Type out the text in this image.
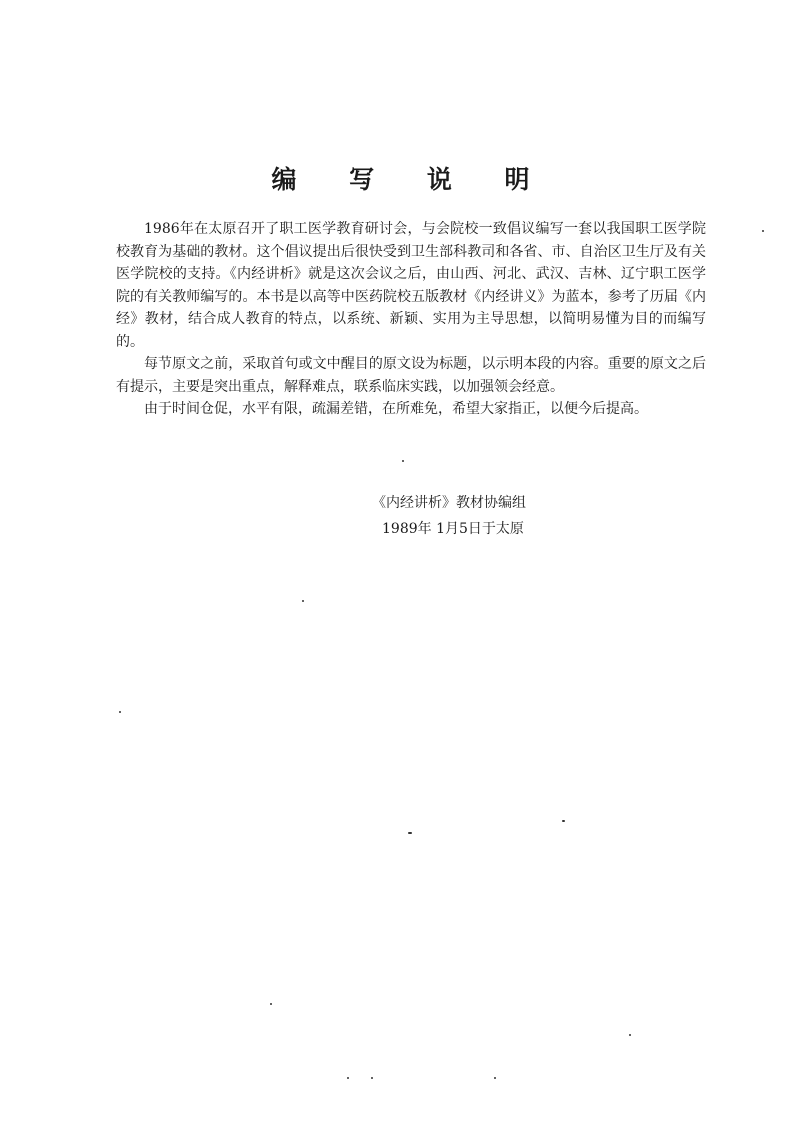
编 写 说 明

1986年在太原召开了职工医学教育研讨会，与会院校一致倡议编写一套以我国职工医学院校教育为基础的教材。这个倡议提出后很快受到卫生部科教司和各省、市、自治区卫生厅及有关医学院校的支持。《内经讲析》就是这次会议之后，由山西、河北、武汉、吉林、辽宁职工医学院的有关教师编写的。本书是以高等中医药院校五版教材《内经讲义》为蓝本，参考了历届《内经》教材，结合成人教育的特点，以系统、新颖、实用为主导思想，以简明易懂为目的而编写的。

每节原文之前，采取首句或文中醒目的原文设为标题，以示明本段的内容。重要的原文之后有提示，主要是突出重点，解释难点，联系临床实践，以加强领会经意。

由于时间仓促，水平有限，疏漏差错，在所难免，希望大家指正，以便今后提高。

《内经讲析》教材协编组
1989年 1月5日于太原
